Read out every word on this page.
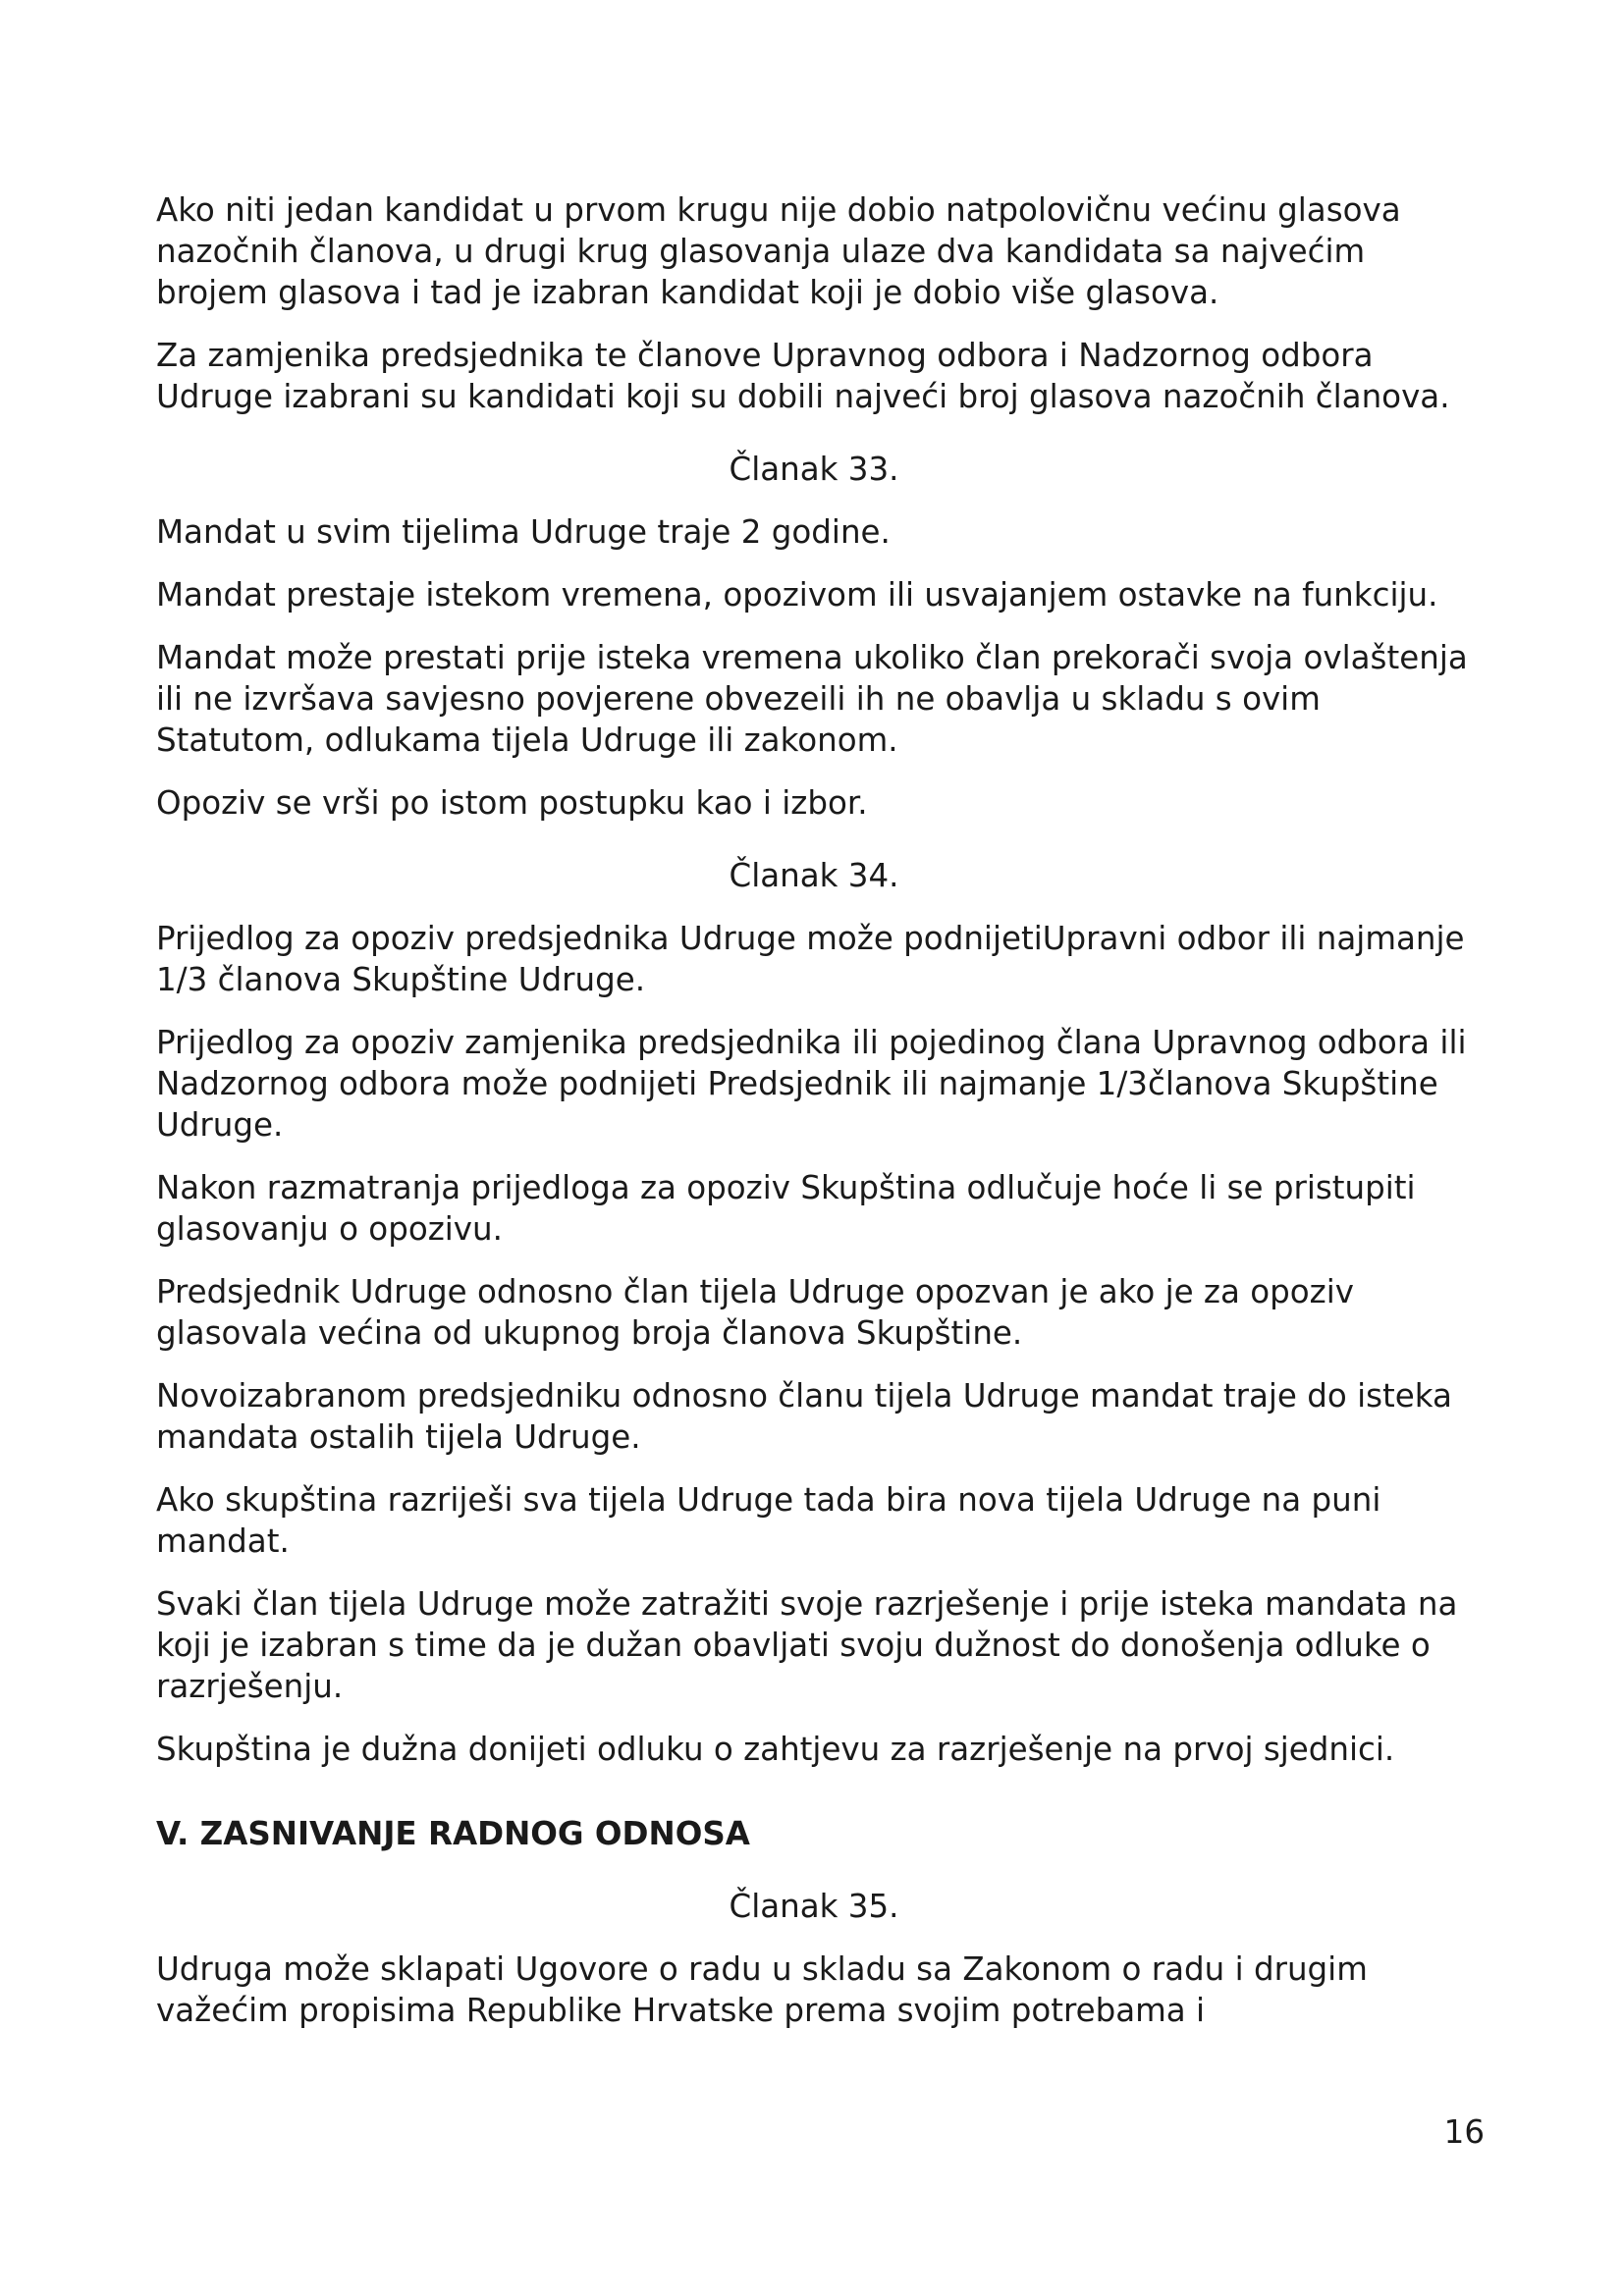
Ako niti jedan kandidat u prvom krugu nije dobio natpolovičnu većinu glasova nazočnih članova, u drugi krug glasovanja ulaze dva kandidata sa najvećim brojem glasova i tad je izabran kandidat koji je dobio više glasova.

Za zamjenika predsjednika te članove Upravnog odbora i Nadzornog odbora Udruge izabrani su kandidati koji su dobili najveći broj glasova nazočnih članova.

Članak 33.

Mandat u svim tijelima Udruge traje 2 godine.

Mandat prestaje istekom vremena, opozivom ili usvajanjem ostavke na funkciju.

Mandat može prestati prije isteka vremena ukoliko član prekorači svoja ovlaštenja ili ne izvršava savjesno povjerene obvezeili ih ne obavlja u skladu s ovim Statutom, odlukama tijela Udruge ili zakonom.

Opoziv se vrši po istom postupku kao i izbor.

Članak 34.

Prijedlog za opoziv predsjednika Udruge može podnijetiUpravni odbor ili najmanje 1/3 članova Skupštine Udruge.

Prijedlog za opoziv zamjenika predsjednika ili pojedinog člana Upravnog odbora ili Nadzornog odbora može podnijeti Predsjednik ili najmanje 1/3članova Skupštine Udruge.

Nakon razmatranja prijedloga za opoziv Skupština odlučuje hoće li se pristupiti glasovanju o opozivu.

Predsjednik Udruge odnosno član tijela Udruge opozvan je ako je za opoziv glasovala većina od ukupnog broja članova Skupštine.

Novoizabranom predsjedniku odnosno članu tijela Udruge mandat traje do isteka mandata ostalih tijela Udruge.

Ako skupština razriješi sva tijela Udruge tada bira nova tijela Udruge na puni mandat.

Svaki član tijela Udruge može zatražiti svoje razrješenje i prije isteka mandata na koji je izabran s time da je dužan obavljati svoju dužnost do donošenja odluke o razrješenju.

Skupština je dužna donijeti odluku o zahtjevu za razrješenje na prvoj sjednici.

V. ZASNIVANJE RADNOG ODNOSA

Članak 35.

Udruga može sklapati Ugovore o radu u skladu sa Zakonom o radu i drugim važećim propisima Republike Hrvatske prema svojim potrebama i

16
